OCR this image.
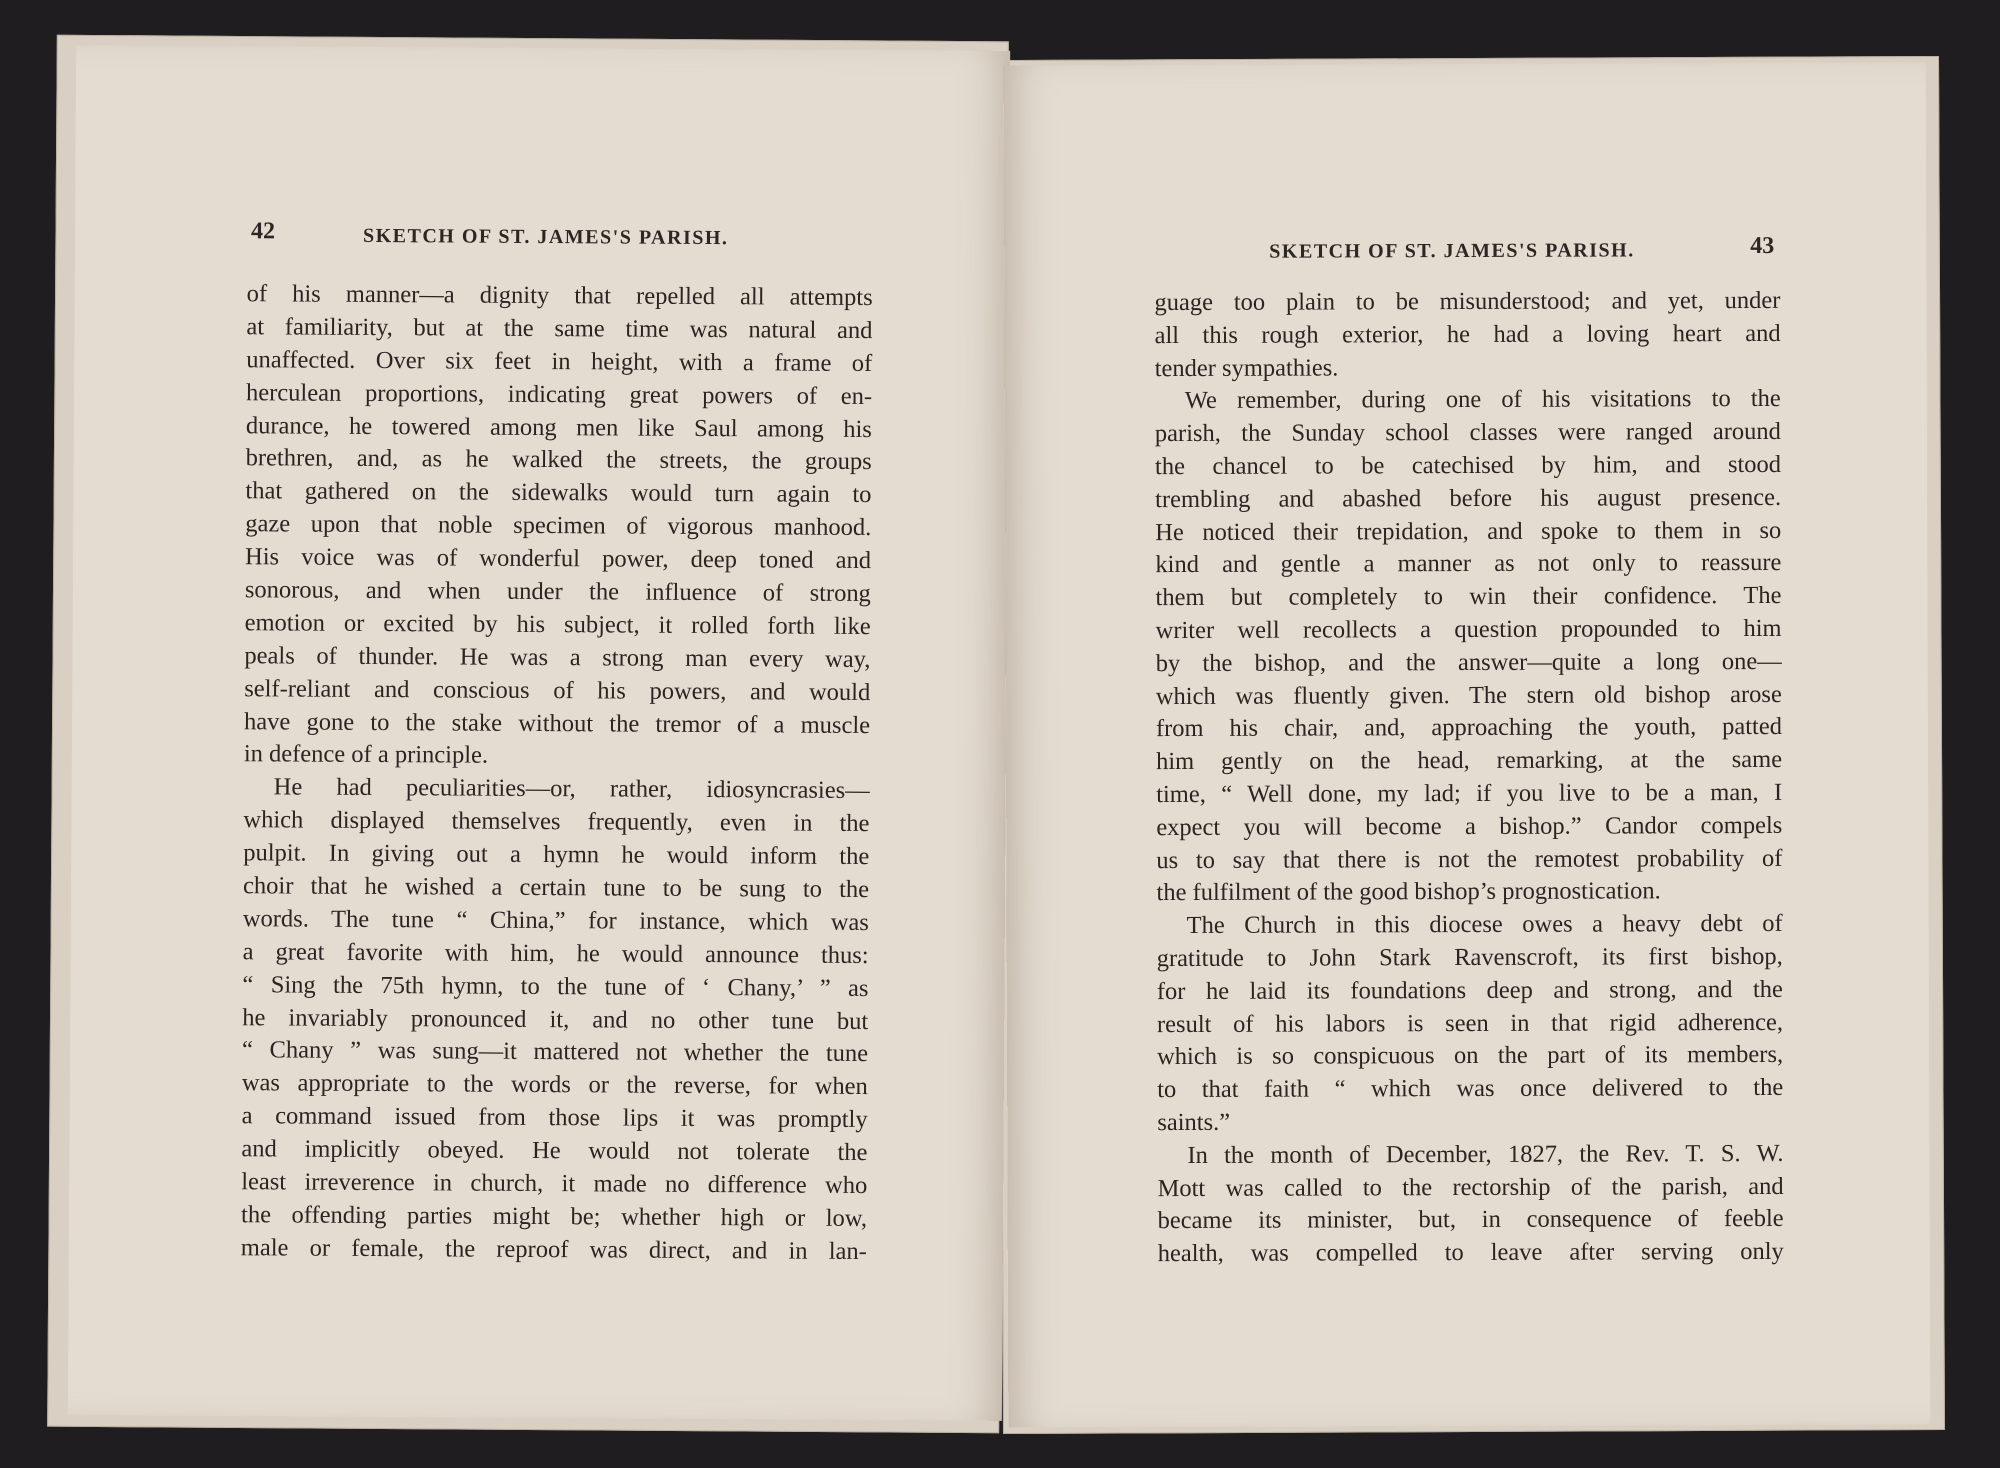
42	SKETCH OF ST. JAMES'S PARISH.
of his manner—a dignity that repelled all attempts
at familiarity, but at the same time was natural and
unaffected. Over six feet in height, with a frame of
herculean proportions, indicating great powers of en-
durance, he towered among men like Saul among his
brethren, and, as he walked the streets, the groups
that gathered on the sidewalks would turn again to
gaze upon that noble specimen of vigorous manhood.
His voice was of wonderful power, deep toned and
sonorous, and when under the influence of strong
emotion or excited by his subject, it rolled forth like
peals of thunder. He was a strong man every way,
self-reliant and conscious of his powers, and would
have gone to the stake without the tremor of a muscle
in defence of a principle.
He had peculiarities—or, rather, idiosyncrasies—
which displayed themselves frequently, even in the
pulpit. In giving out a hymn he would inform the
choir that he wished a certain tune to be sung to the
words. The tune “ China,” for instance, which was
a great favorite with him, he would announce thus:
“ Sing the 75th hymn, to the tune of ‘ Chany,’ ” as
he invariably pronounced it, and no other tune but
“ Chany ” was sung—it mattered not whether the tune
was appropriate to the words or the reverse, for when
a command issued from those lips it was promptly
and implicitly obeyed. He would not tolerate the
least irreverence in church, it made no difference who
the offending parties might be; whether high or low,
male or female, the reproof was direct, and in lan-
SKETCH OF ST. JAMES'S PARISH.	43
guage too plain to be misunderstood; and yet, under
all this rough exterior, he had a loving heart and
tender sympathies.
We remember, during one of his visitations to the
parish, the Sunday school classes were ranged around
the chancel to be catechised by him, and stood
trembling and abashed before his august presence.
He noticed their trepidation, and spoke to them in so
kind and gentle a manner as not only to reassure
them but completely to win their confidence. The
writer well recollects a question propounded to him
by the bishop, and the answer—quite a long one—
which was fluently given. The stern old bishop arose
from his chair, and, approaching the youth, patted
him gently on the head, remarking, at the same
time, “ Well done, my lad; if you live to be a man, I
expect you will become a bishop.” Candor compels
us to say that there is not the remotest probability of
the fulfilment of the good bishop’s prognostication.
The Church in this diocese owes a heavy debt of
gratitude to John Stark Ravenscroft, its first bishop,
for he laid its foundations deep and strong, and the
result of his labors is seen in that rigid adherence,
which is so conspicuous on the part of its members,
to that faith “ which was once delivered to the
saints.”
In the month of December, 1827, the Rev. T. S. W.
Mott was called to the rectorship of the parish, and
became its minister, but, in consequence of feeble
health, was compelled to leave after serving only
